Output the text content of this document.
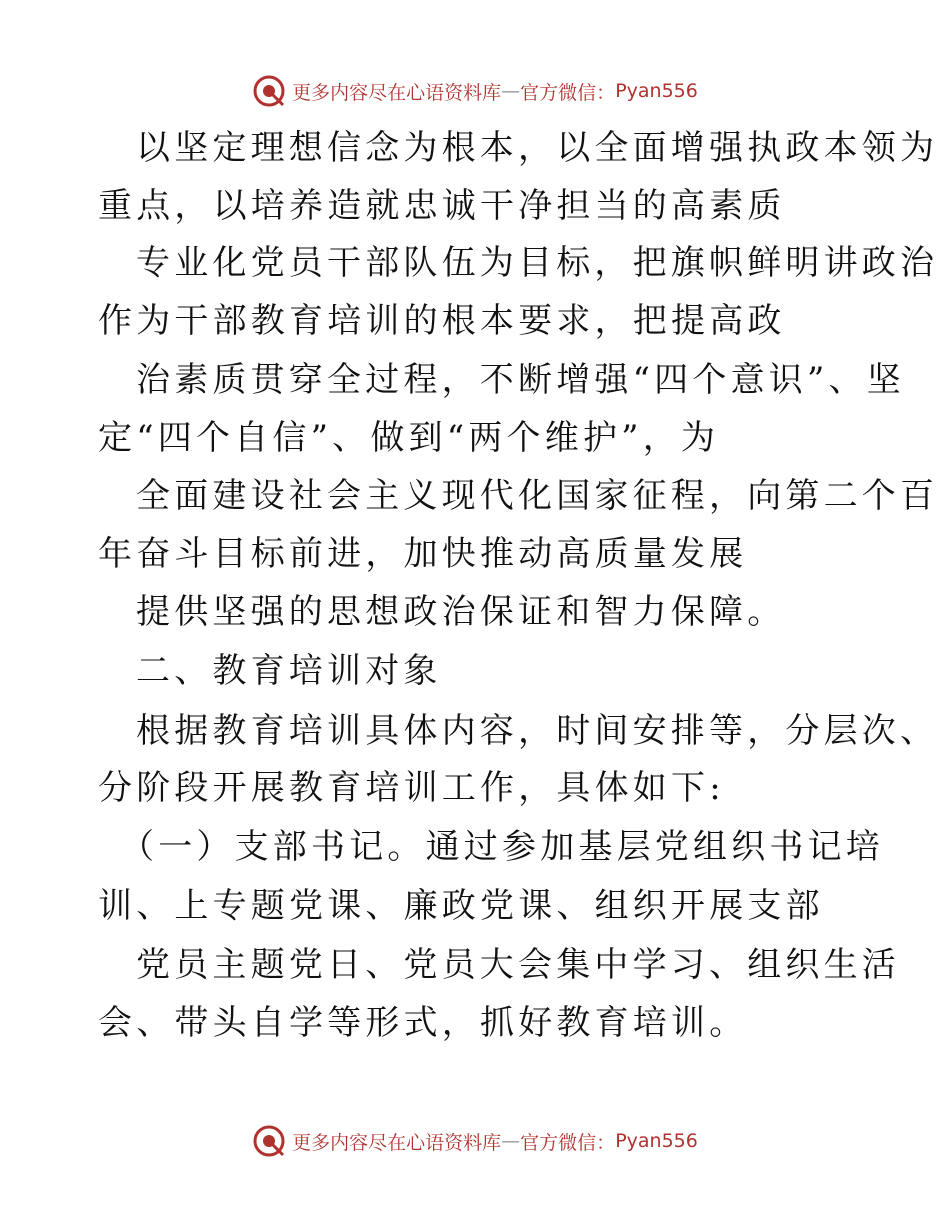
更多内容尽在心语资料库 — 官方微信： Pyan556
以坚定理想信念为根本，以全面增强执政本领为
重点，以培养造就忠诚干净担当的高素质
专业化党员干部队伍为目标，把旗帜鲜明讲政治
作为干部教育培训的根本要求，把提高政
治素质贯穿全过程，不断增强“四个意识”、坚
定“四个自信”、做到“两个维护”，为
全面建设社会主义现代化国家征程，向第二个百
年奋斗目标前进，加快推动高质量发展
提供坚强的思想政治保证和智力保障。
二、教育培训对象
根据教育培训具体内容，时间安排等，分层次、
分阶段开展教育培训工作，具体如下:
（一）支部书记。通过参加基层党组织书记培
训、上专题党课、廉政党课、组织开展支部
党员主题党日、党员大会集中学习、组织生活
会、带头自学等形式，抓好教育培训。
更多内容尽在心语资料库 — 官方微信： Pyan556
